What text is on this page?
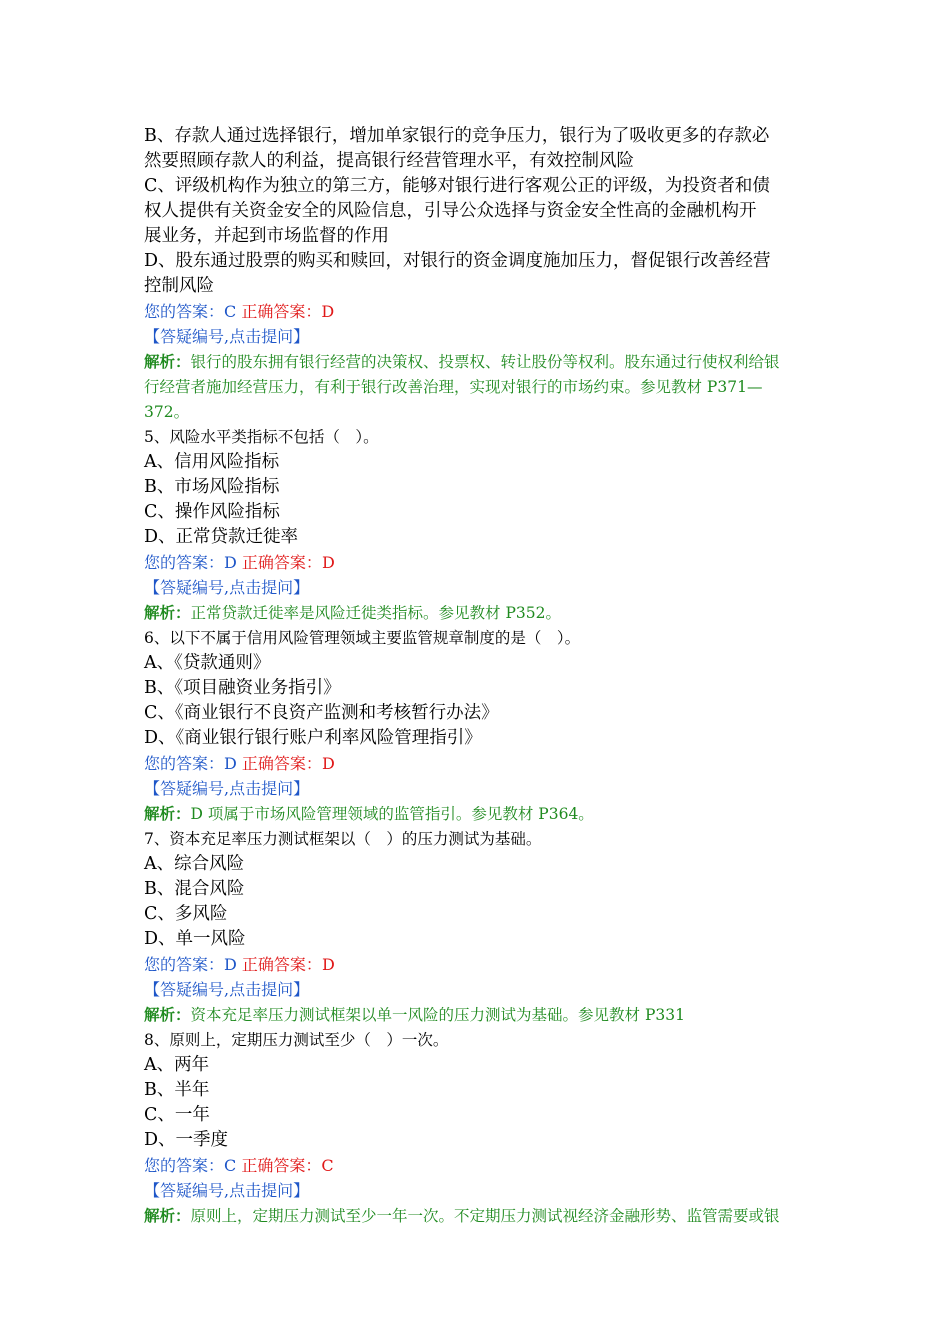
B、存款人通过选择银行，增加单家银行的竞争压力，银行为了吸收更多的存款必
然要照顾存款人的利益，提高银行经营管理水平，有效控制风险
C、评级机构作为独立的第三方，能够对银行进行客观公正的评级，为投资者和债
权人提供有关资金安全的风险信息，引导公众选择与资金安全性高的金融机构开
展业务，并起到市场监督的作用
D、股东通过股票的购买和赎回，对银行的资金调度施加压力，督促银行改善经营
控制风险
您的答案：C 正确答案：D
【答疑编号,点击提问】
解析：银行的股东拥有银行经营的决策权、投票权、转让股份等权利。股东通过行使权利给银
行经营者施加经营压力，有利于银行改善治理，实现对银行的市场约束。参见教材 P371—
372。
5、风险水平类指标不包括（　）。
A、信用风险指标
B、市场风险指标
C、操作风险指标
D、正常贷款迁徙率
您的答案：D 正确答案：D
【答疑编号,点击提问】
解析：正常贷款迁徙率是风险迁徙类指标。参见教材 P352。
6、以下不属于信用风险管理领域主要监管规章制度的是（　）。
A、《贷款通则》
B、《项目融资业务指引》
C、《商业银行不良资产监测和考核暂行办法》
D、《商业银行银行账户利率风险管理指引》
您的答案：D 正确答案：D
【答疑编号,点击提问】
解析：D 项属于市场风险管理领域的监管指引。参见教材 P364。
7、资本充足率压力测试框架以（　）的压力测试为基础。
A、综合风险
B、混合风险
C、多风险
D、单一风险
您的答案：D 正确答案：D
【答疑编号,点击提问】
解析：资本充足率压力测试框架以单一风险的压力测试为基础。参见教材 P331
8、原则上，定期压力测试至少（　）一次。
A、两年
B、半年
C、一年
D、一季度
您的答案：C 正确答案：C
【答疑编号,点击提问】
解析：原则上，定期压力测试至少一年一次。不定期压力测试视经济金融形势、监管需要或银
